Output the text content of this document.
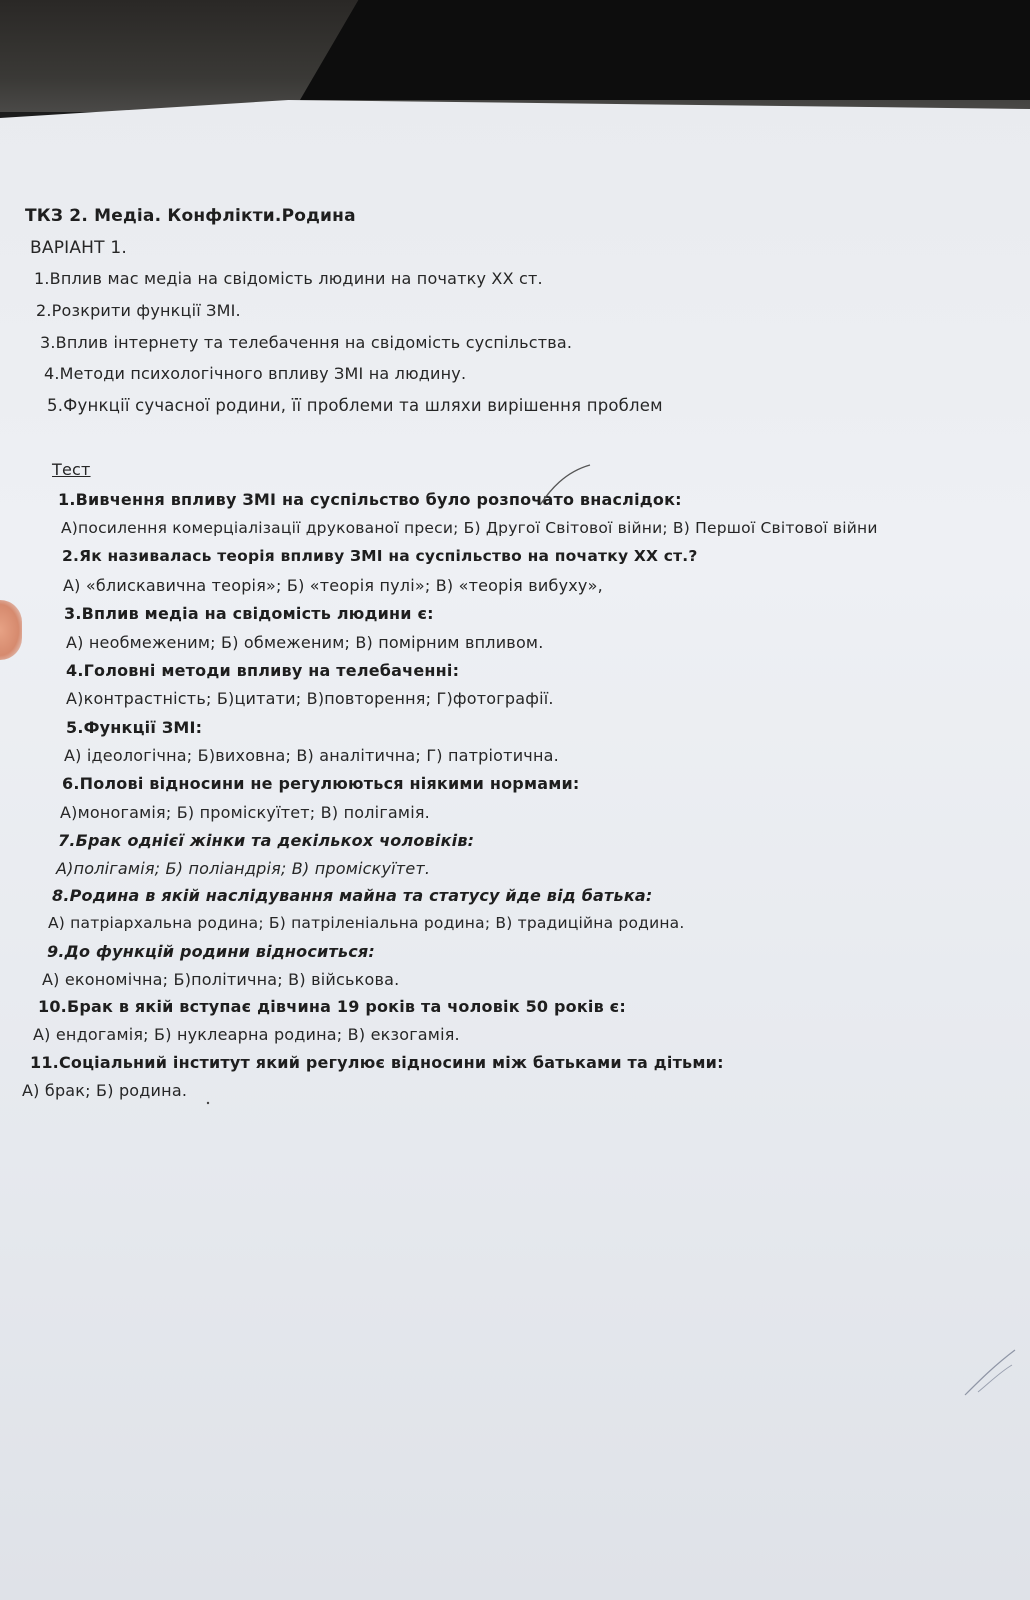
ТКЗ 2. Медіа. Конфлікти.Родина
ВАРІАНТ 1.
1.Вплив мас медіа на свідомість людини на початку ХХ ст.
2.Розкрити функції ЗМІ.
3.Вплив інтернету та телебачення на свідомість суспільства.
4.Методи психологічного впливу ЗМІ на людину.
5.Функції сучасної родини, її проблеми та шляхи вирішення проблем
Тест
1.Вивчення впливу ЗМІ на суспільство було розпочато внаслідок:
А)посилення комерціалізації друкованої преси; Б) Другої Світової війни; В) Першої Світової війни
2.Як називалась теорія впливу ЗМІ на суспільство на початку ХХ ст.?
А) «блискавична теорія»; Б) «теорія пулі»; В) «теорія вибуху»,
3.Вплив медіа на свідомість людини є:
А) необмеженим; Б) обмеженим; В) помірним впливом.
4.Головні методи впливу на телебаченні:
А)контрастність; Б)цитати; В)повторення; Г)фотографії.
5.Функції ЗМІ:
А) ідеологічна; Б)виховна; В) аналітична; Г) патріотична.
6.Полові відносини не регулюються ніякими нормами:
А)моногамія; Б) проміскуїтет; В) полігамія.
7.Брак однієї жінки та декількох чоловіків:
А)полігамія; Б) поліандрія; В) проміскуїтет.
8.Родина в якій наслідування майна та статусу йде від батька:
А) патріархальна родина; Б) патріленіальна родина; В) традиційна родина.
9.До функцій родини відноситься:
А) економічна; Б)політична; В) військова.
10.Брак в якій вступає дівчина 19 років та чоловік 50 років є:
А) ендогамія; Б) нуклеарна родина; В) екзогамія.
11.Соціальний інститут який регулює відносини між батьками та дітьми:
А) брак; Б) родина.
